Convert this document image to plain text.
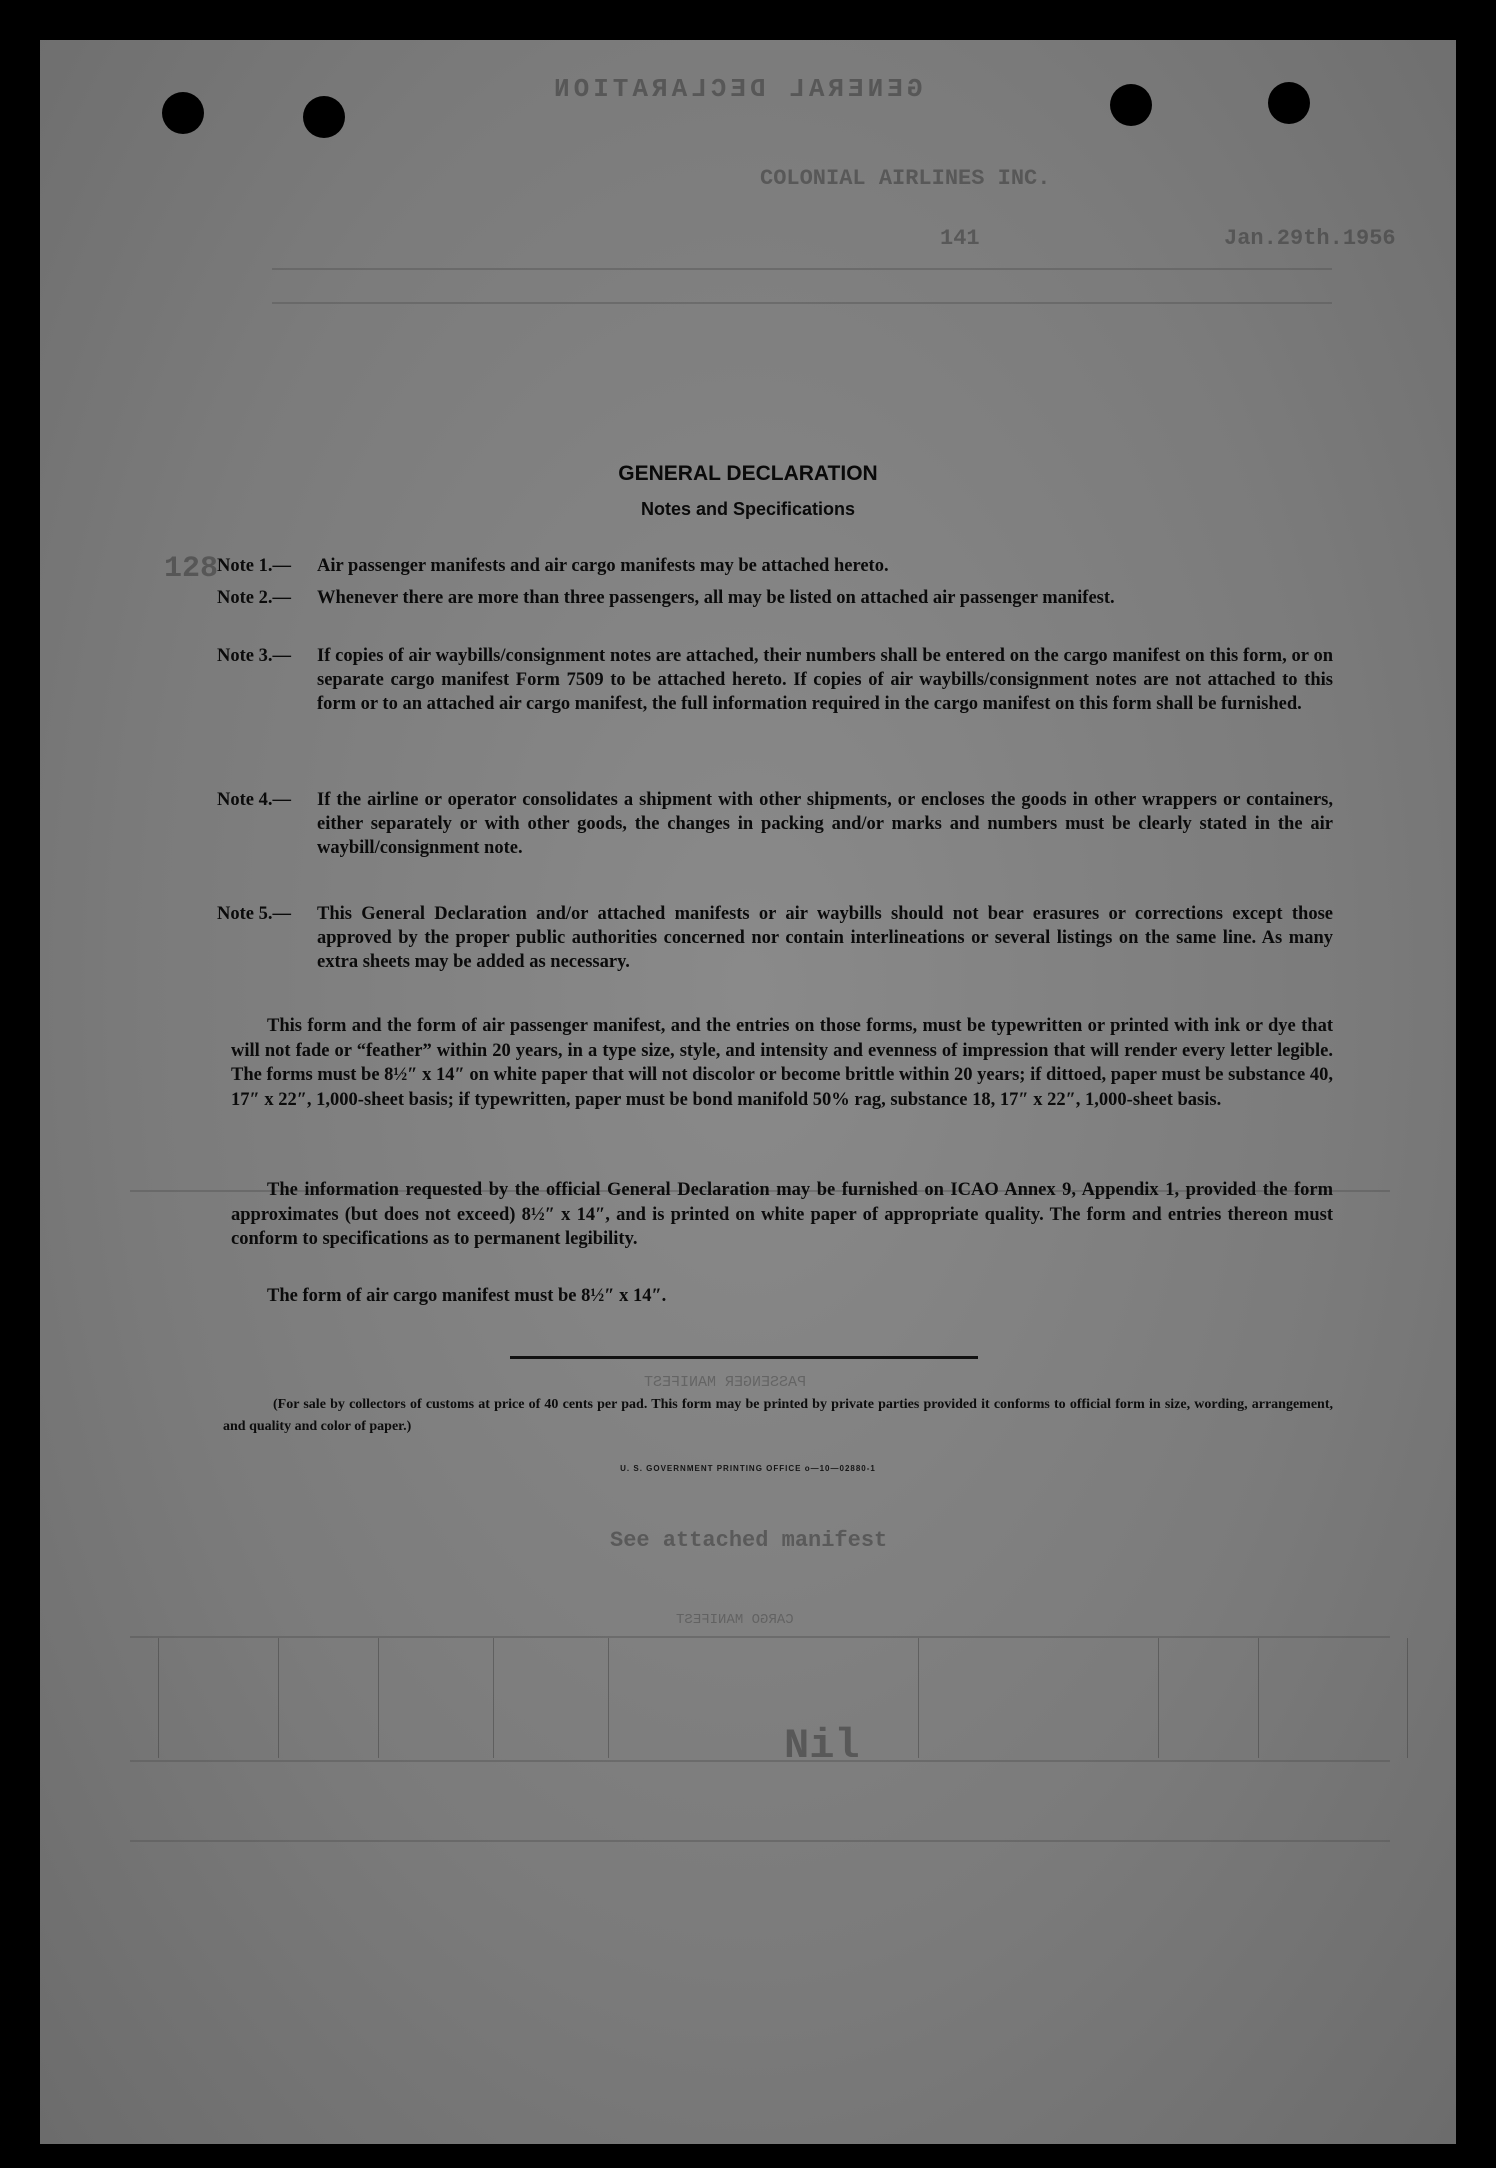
GENERAL DECLARATION
COLONIAL AIRLINES INC.
141	Jan.29th.1956
128
PASSENGER MANIFEST
See attached manifest
CARGO MANIFEST
Nil
GENERAL DECLARATION
Notes and Specifications
Note 1.—	Air passenger manifests and air cargo manifests may be attached hereto.
Note 2.—	Whenever there are more than three passengers, all may be listed on attached air passenger manifest.
Note 3.—	If copies of air waybills/consignment notes are attached, their numbers shall be entered on the cargo manifest on this form, or on separate cargo manifest Form 7509 to be attached hereto. If copies of air waybills/consignment notes are not attached to this form or to an attached air cargo manifest, the full information required in the cargo manifest on this form shall be furnished.
Note 4.—	If the airline or operator consolidates a shipment with other shipments, or encloses the goods in other wrappers or containers, either separately or with other goods, the changes in packing and/or marks and numbers must be clearly stated in the air waybill/consignment note.
Note 5.—	This General Declaration and/or attached manifests or air waybills should not bear erasures or corrections except those approved by the proper public authorities concerned nor contain interlineations or several listings on the same line. As many extra sheets may be added as necessary.
This form and the form of air passenger manifest, and the entries on those forms, must be typewritten or printed with ink or dye that will not fade or “feather” within 20 years, in a type size, style, and intensity and evenness of impression that will render every letter legible. The forms must be 8½″ x 14″ on white paper that will not discolor or become brittle within 20 years; if dittoed, paper must be substance 40, 17″ x 22″, 1,000-sheet basis; if typewritten, paper must be bond manifold 50% rag, substance 18, 17″ x 22″, 1,000-sheet basis.
The information requested by the official General Declaration may be furnished on ICAO Annex 9, Appendix 1, provided the form approximates (but does not exceed) 8½″ x 14″, and is printed on white paper of appropriate quality. The form and entries thereon must conform to specifications as to permanent legibility.
The form of air cargo manifest must be 8½″ x 14″.
(For sale by collectors of customs at price of 40 cents per pad. This form may be printed by private parties provided it conforms to official form in size, wording, arrangement, and quality and color of paper.)
U. S. GOVERNMENT PRINTING OFFICE o—10—02880-1
